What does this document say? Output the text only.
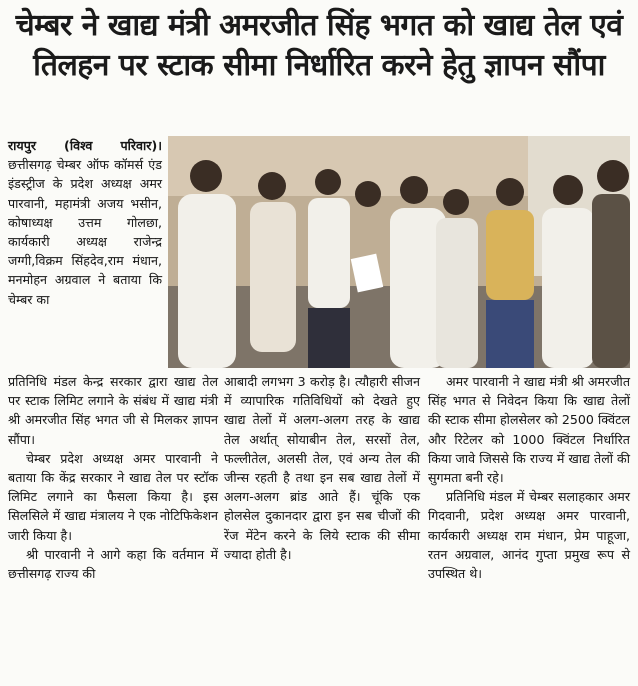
चेम्बर ने खाद्य मंत्री अमरजीत सिंह भगत को खाद्य तेल एवं
तिलहन पर स्टाक सीमा निर्धारित करने हेतु ज्ञापन सौंपा

रायपुर (विश्व परिवार)। छत्तीसगढ़ चेम्बर ऑफ कॉमर्स एंड इंडस्ट्रीज के प्रदेश अध्यक्ष अमर पारवानी, महामंत्री अजय भसीन, कोषाध्यक्ष उत्तम गोलछा, कार्यकारी अध्यक्ष राजेन्द्र जग्गी,विक्रम सिंहदेव,राम मंधान, मनमोहन अग्रवाल ने बताया कि चेम्बर का

प्रतिनिधि मंडल केन्द्र सरकार द्वारा खाद्य तेल पर स्टाक लिमिट लगाने के संबंध में खाद्य मंत्री श्री अमरजीत सिंह भगत जी से मिलकर ज्ञापन सौंपा।

चेम्बर प्रदेश अध्यक्ष अमर पारवानी ने बताया कि केंद्र सरकार ने खाद्य तेल पर स्टॉक लिमिट लगाने का फैसला किया है। इस सिलसिले में खाद्य मंत्रालय ने एक नोटिफिकेशन जारी किया है।

श्री पारवानी ने आगे कहा कि वर्तमान में छत्तीसगढ़ राज्य की

आबादी लगभग 3 करोड़ है। त्यौहारी सीजन में व्यापारिक गतिविधियों को देखते हुए खाद्य तेलों में अलग-अलग तरह के खाद्य तेल अर्थात् सोयाबीन तेल, सरसों तेल, फल्लीतेल, अलसी तेल, एवं अन्य तेल की जीन्स रहती है तथा इन सब खाद्य तेलों में अलग-अलग ब्रांड आते हैं। चूंकि एक होलसेल दुकानदार द्वारा इन सब चीजों की रेंज मेंटेन करने के लिये स्टाक की सीमा ज्यादा होती है।

अमर पारवानी ने खाद्य मंत्री श्री अमरजीत सिंह भगत से निवेदन किया कि खाद्य तेलों की स्टाक सीमा होलसेलर को 2500 क्विंटल और रिटेलर को 1000 क्विंटल निर्धारित किया जावे जिससे कि राज्य में खाद्य तेलों की सुगमता बनी रहे।

प्रतिनिधि मंडल में चेम्बर सलाहकार अमर गिदवानी, प्रदेश अध्यक्ष अमर पारवानी, कार्यकारी अध्यक्ष राम मंधान, प्रेम पाहूजा, रतन अग्रवाल, आनंद गुप्ता प्रमुख रूप से उपस्थित थे।
